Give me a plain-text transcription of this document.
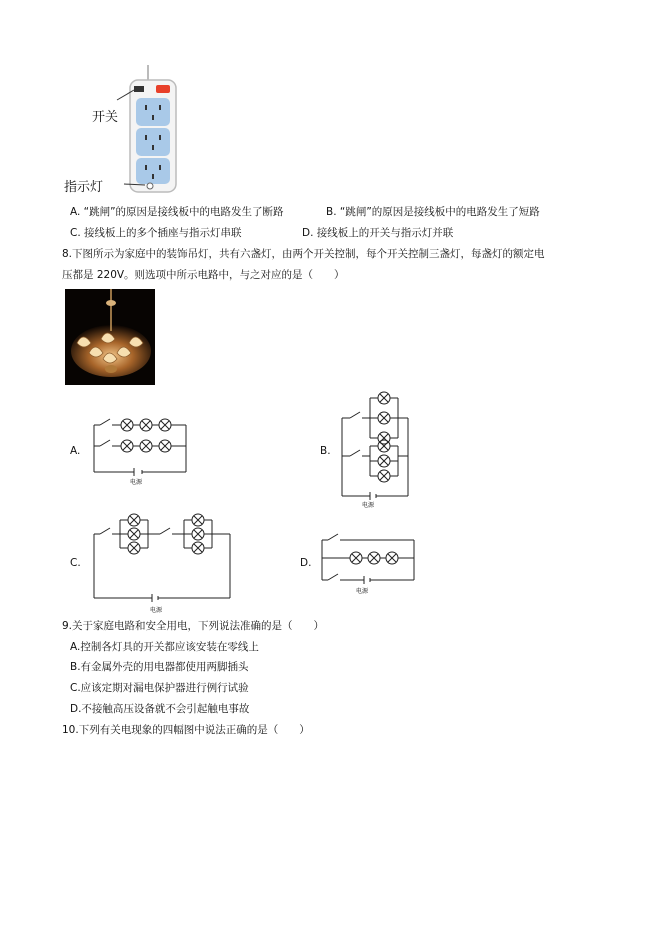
开关
指示灯
A. “跳闸”的原因是接线板中的电路发生了断路	B. “跳闸”的原因是接线板中的电路发生了短路
C. 接线板上的多个插座与指示灯串联	D. 接线板上的开关与指示灯并联
8.下图所示为家庭中的装饰吊灯，共有六盏灯，由两个开关控制，每个开关控制三盏灯，每盏灯的额定电
压都是 220V。则选项中所示电路中，与之对应的是（　　）
A.
电源
B.
电源
C.
电源
D.
电源
9.关于家庭电路和安全用电，下列说法准确的是（　　）
A.控制各灯具的开关都应该安装在零线上
B.有金属外壳的用电器都使用两脚插头
C.应该定期对漏电保护器进行例行试验
D.不接触高压设备就不会引起触电事故
10.下列有关电现象的四幅图中说法正确的是（　　）
